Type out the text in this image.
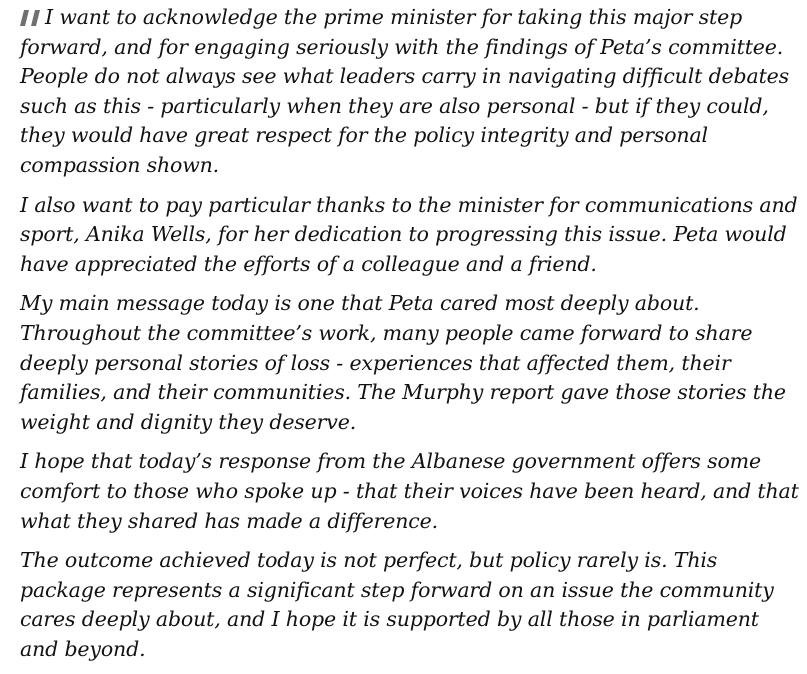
I want to acknowledge the prime minister for taking this major step forward, and for engaging seriously with the findings of Peta’s committee. People do not always see what leaders carry in navigating difficult debates such as this - particularly when they are also personal - but if they could, they would have great respect for the policy integrity and personal compassion shown.

I also want to pay particular thanks to the minister for communications and sport, Anika Wells, for her dedication to progressing this issue. Peta would have appreciated the efforts of a colleague and a friend.

My main message today is one that Peta cared most deeply about. Throughout the committee’s work, many people came forward to share deeply personal stories of loss - experiences that affected them, their families, and their communities. The Murphy report gave those stories the weight and dignity they deserve.

I hope that today’s response from the Albanese government offers some comfort to those who spoke up - that their voices have been heard, and that what they shared has made a difference.

The outcome achieved today is not perfect, but policy rarely is. This package represents a significant step forward on an issue the community cares deeply about, and I hope it is supported by all those in parliament and beyond.
